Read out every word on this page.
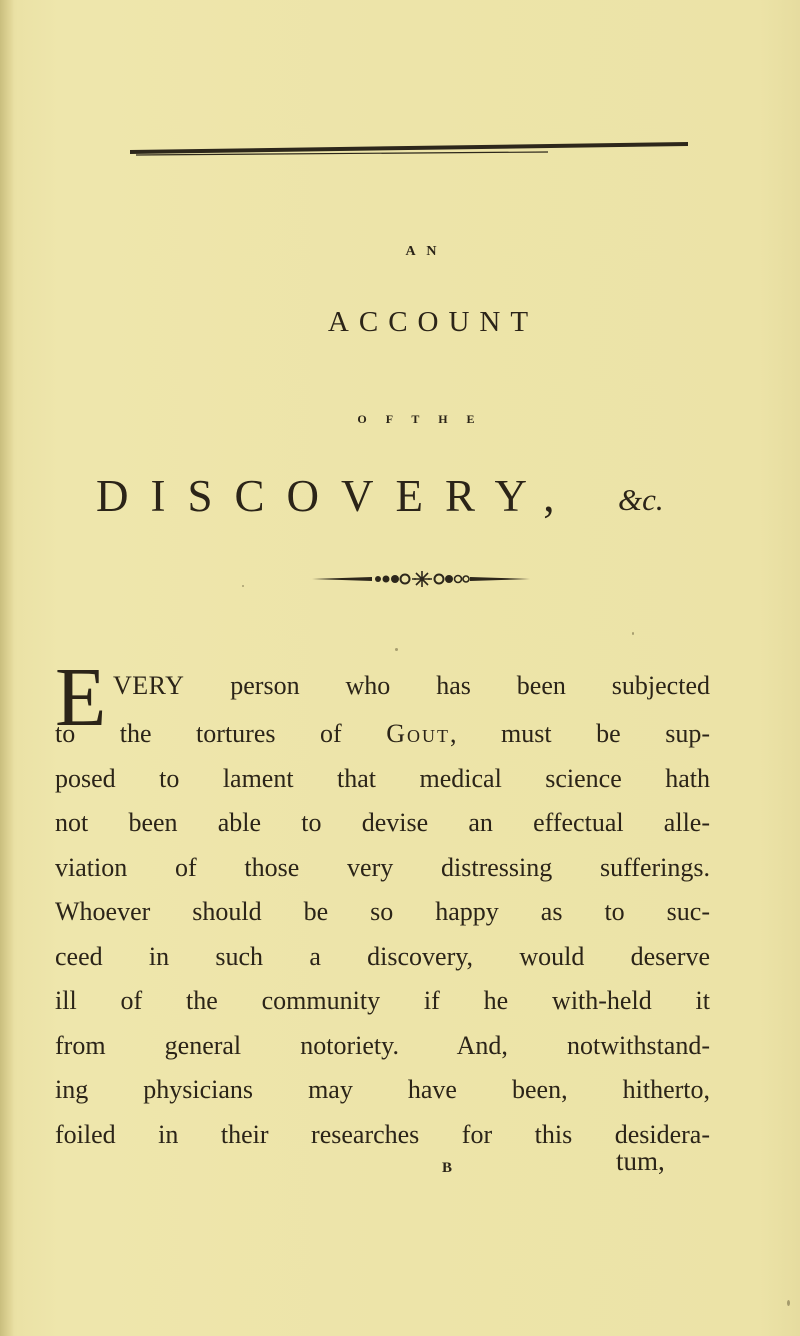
A N
ACCOUNT
O F T H E
DISCOVERY, &c.
E VERY person who has been subjected
to the tortures of Gout, must be sup-
posed to lament that medical science hath
not been able to devise an effectual alle-
viation of those very distressing sufferings.
Whoever should be so happy as to suc-
ceed in such a discovery, would deserve
ill of the community if he with-held it
from general notoriety. And, notwithstand-
ing physicians may have been, hitherto,
foiled in their researches for this desidera-
B	tum,
